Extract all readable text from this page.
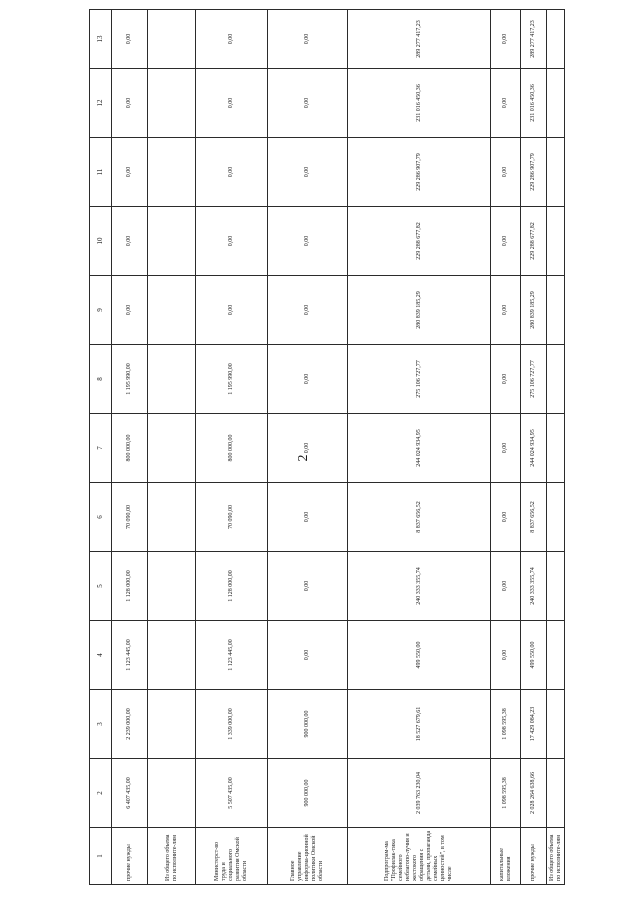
2
1	2	3	4	5	6	7	8	9	10	11	12	13
прочие нужды	6 407 435,00	2 239 000,00	1 123 445,00	1 128 000,00	70 090,00	800 000,00	1 195 990,00	0,00	0,00	0,00	0,00	0,00
Из общего объема по исполните-лям												
Министерст-во труда и социального развития Омской области	5 507 435,00	1 339 000,00	1 123 445,00	1 128 000,00	70 090,00	800 000,00	1 195 990,00	0,00	0,00	0,00	0,00	0,00
Главное управление информа-ционной политики Омской области	900 000,00	900 000,00	0,00	0,00	0,00	0,00	0,00	0,00	0,00	0,00	0,00	0,00
Подпрограм-ма "Профилак-тика семейного неблагопо-лучия и жестокого обращения с детьми, пропаганда семейных ценностей", в том числе	2 039 763 230,04	18 527 679,61	499 550,00	240 333 355,74	8 837 656,52	244 024 934,95	275 106 727,77	280 839 185,29	229 288 677,82	229 286 907,79	231 016 450,36	289 277 417,23
капитальные вложения	1 098 595,38	1 098 595,38	0,00	0,00	0,00	0,00	0,00	0,00	0,00	0,00	0,00	0,00
прочие нужды	2 028 264 638,66	17 429 084,23	499 550,00	240 333 355,74	8 837 656,52	244 024 934,95	275 106 727,77	280 839 185,29	229 288 677,82	229 286 907,79	231 016 450,36	289 277 417,23
Из общего объема по исполните-лям												
